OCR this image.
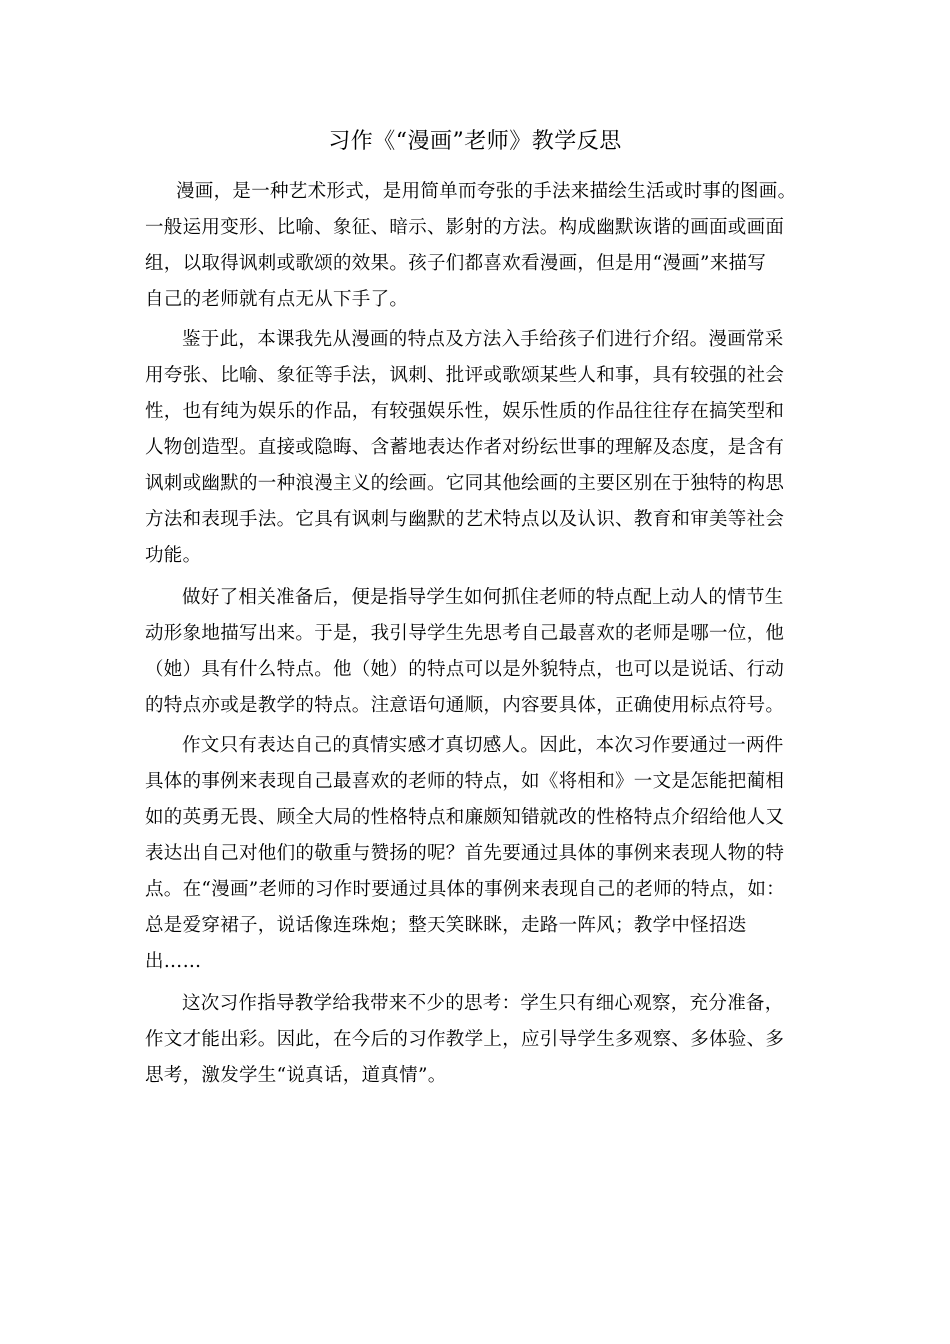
习作《“漫画”老师》教学反思
漫画，是一种艺术形式，是用简单而夸张的手法来描绘生活或时事的图画。
一般运用变形、比喻、象征、暗示、影射的方法。构成幽默诙谐的画面或画面
组，以取得讽刺或歌颂的效果。孩子们都喜欢看漫画，但是用“漫画”来描写
自己的老师就有点无从下手了。
鉴于此，本课我先从漫画的特点及方法入手给孩子们进行介绍。漫画常采
用夸张、比喻、象征等手法，讽刺、批评或歌颂某些人和事，具有较强的社会
性，也有纯为娱乐的作品，有较强娱乐性，娱乐性质的作品往往存在搞笑型和
人物创造型。直接或隐晦、含蓄地表达作者对纷纭世事的理解及态度，是含有
讽刺或幽默的一种浪漫主义的绘画。它同其他绘画的主要区别在于独特的构思
方法和表现手法。它具有讽刺与幽默的艺术特点以及认识、教育和审美等社会
功能。
做好了相关准备后，便是指导学生如何抓住老师的特点配上动人的情节生
动形象地描写出来。于是，我引导学生先思考自己最喜欢的老师是哪一位，他
（她）具有什么特点。他（她）的特点可以是外貌特点，也可以是说话、行动
的特点亦或是教学的特点。注意语句通顺，内容要具体，正确使用标点符号。
作文只有表达自己的真情实感才真切感人。因此，本次习作要通过一两件
具体的事例来表现自己最喜欢的老师的特点，如《将相和》一文是怎能把蔺相
如的英勇无畏、顾全大局的性格特点和廉颇知错就改的性格特点介绍给他人又
表达出自己对他们的敬重与赞扬的呢？首先要通过具体的事例来表现人物的特
点。在“漫画”老师的习作时要通过具体的事例来表现自己的老师的特点，如：
总是爱穿裙子，说话像连珠炮；整天笑眯眯，走路一阵风；教学中怪招迭
出……
这次习作指导教学给我带来不少的思考：学生只有细心观察，充分准备，
作文才能出彩。因此，在今后的习作教学上，应引导学生多观察、多体验、多
思考，激发学生“说真话，道真情”。
